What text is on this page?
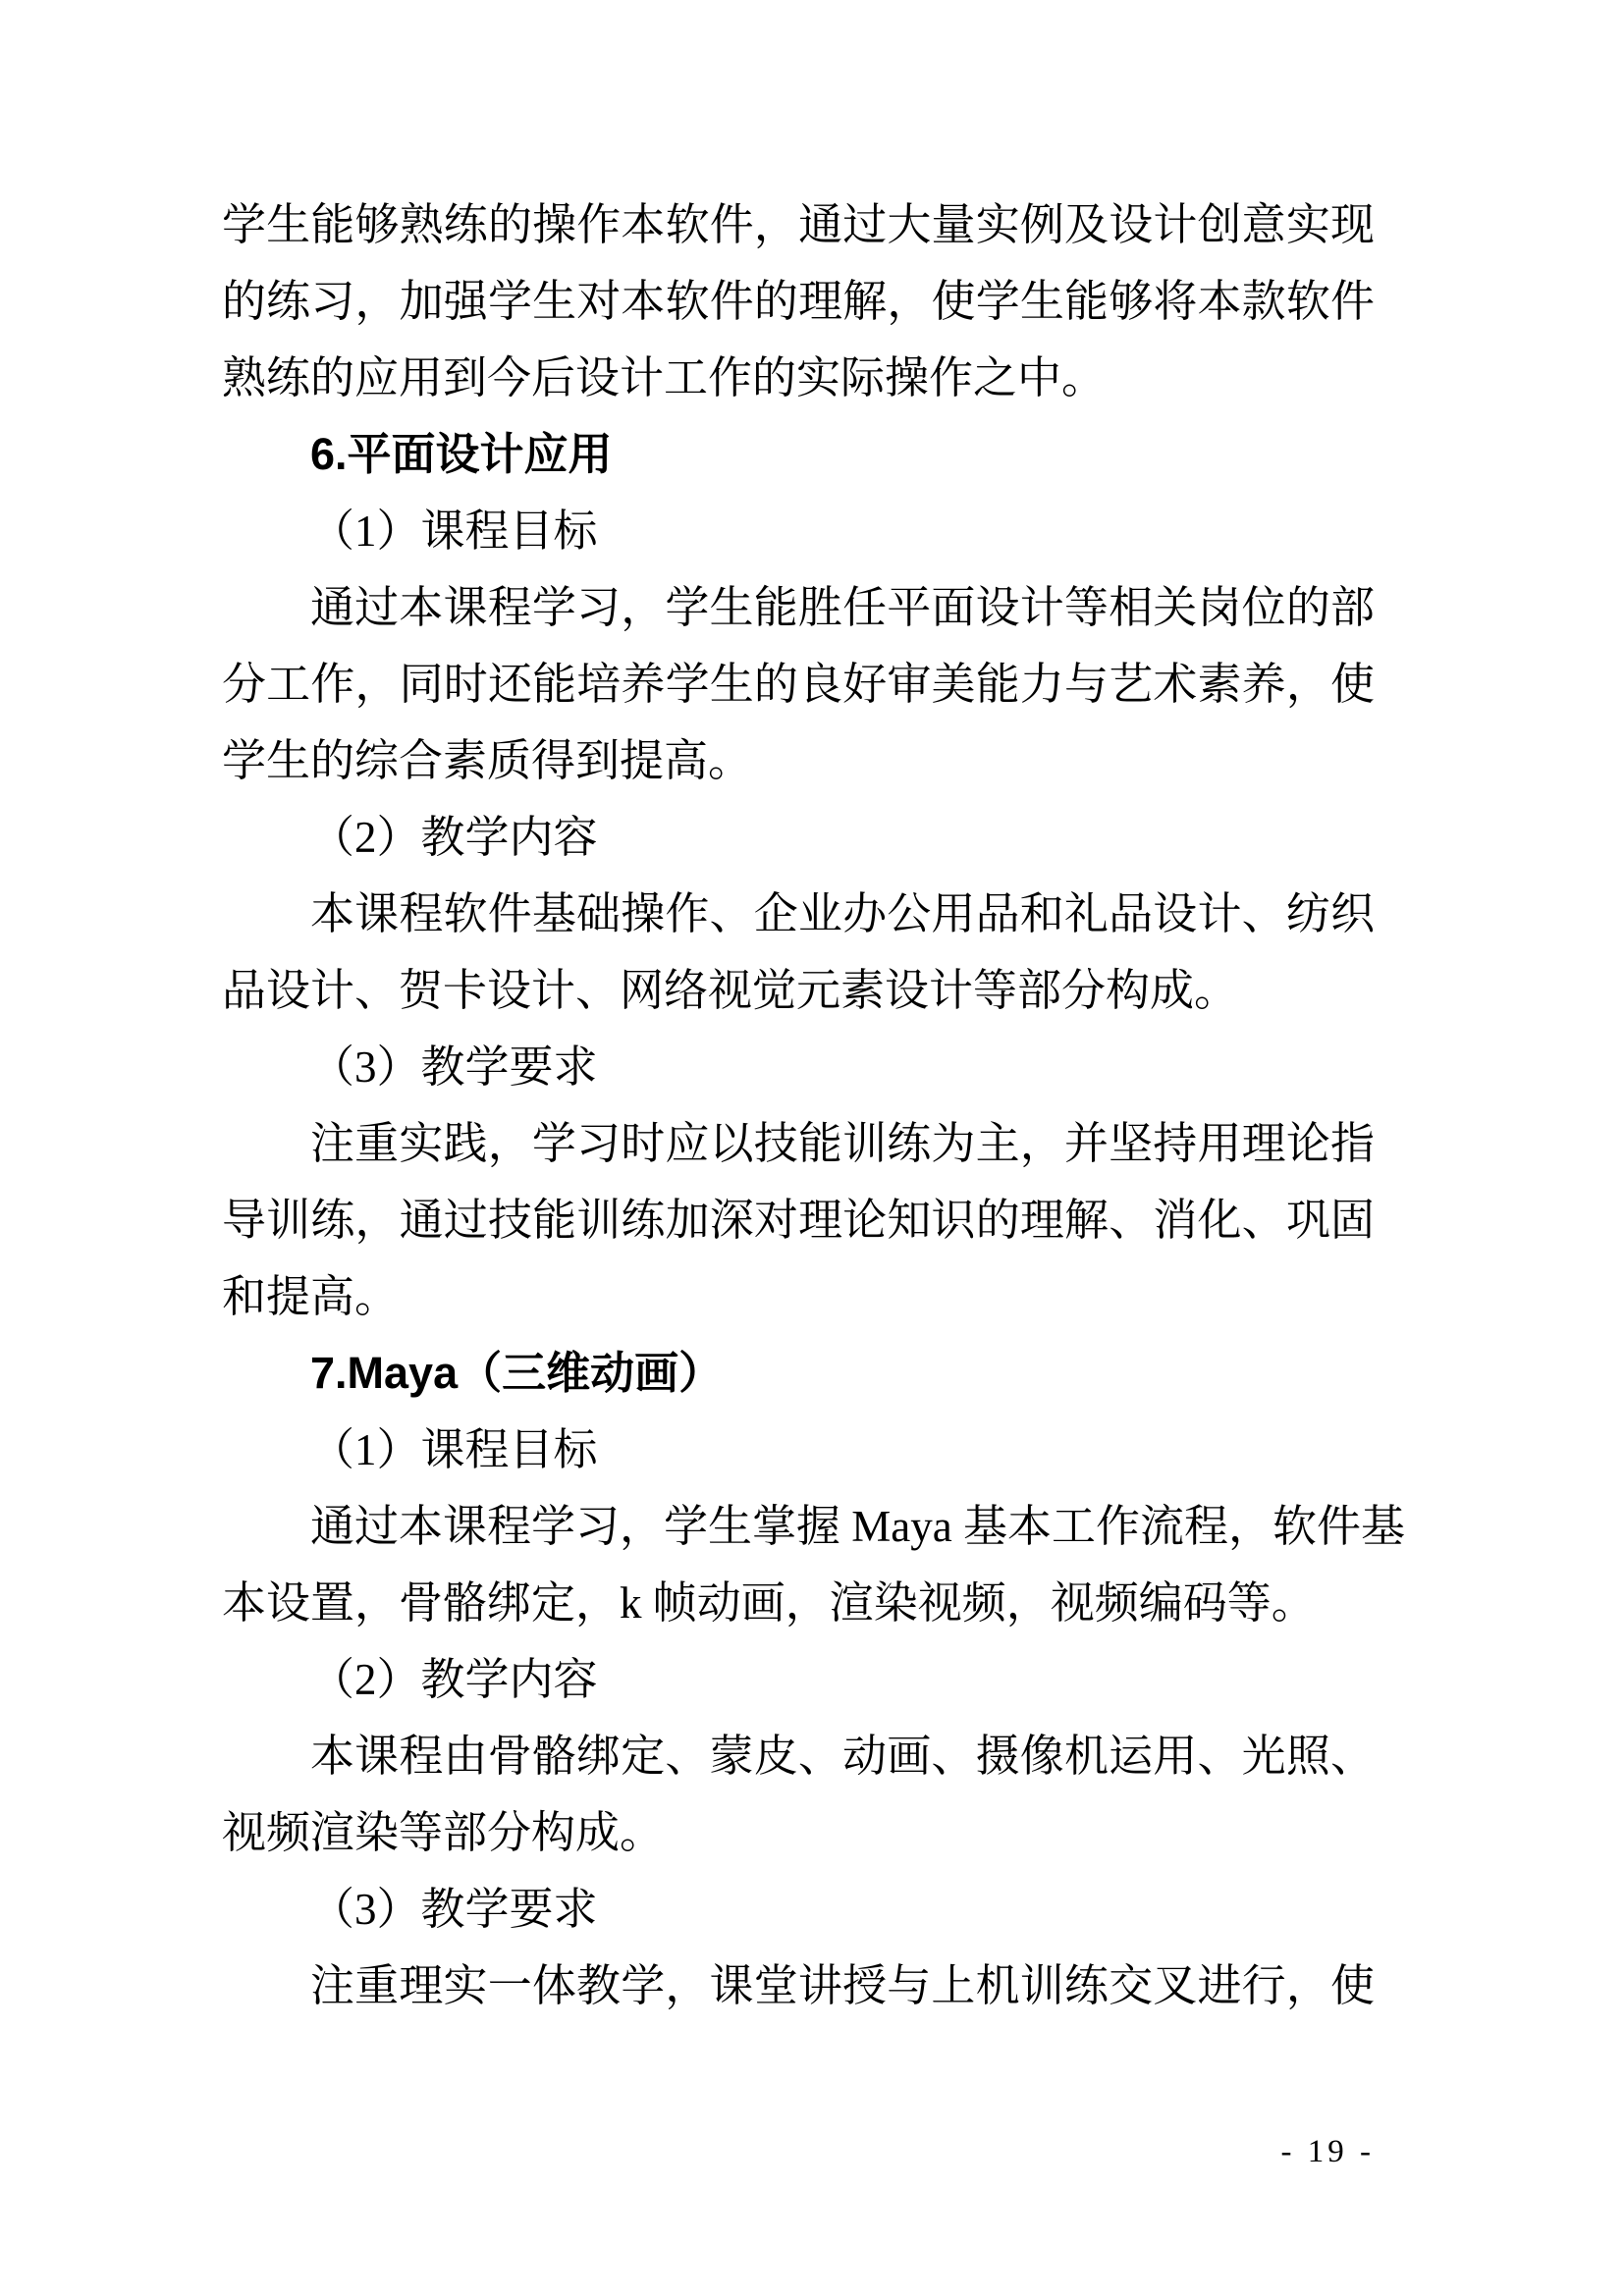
学生能够熟练的操作本软件，通过大量实例及设计创意实现
的练习，加强学生对本软件的理解，使学生能够将本款软件
熟练的应用到今后设计工作的实际操作之中。
6.平面设计应用
（1）课程目标
通过本课程学习，学生能胜任平面设计等相关岗位的部
分工作，同时还能培养学生的良好审美能力与艺术素养，使
学生的综合素质得到提高。
（2）教学内容
本课程软件基础操作、企业办公用品和礼品设计、纺织
品设计、贺卡设计、网络视觉元素设计等部分构成。
（3）教学要求
注重实践，学习时应以技能训练为主，并坚持用理论指
导训练，通过技能训练加深对理论知识的理解、消化、巩固
和提高。
7.Maya（三维动画）
（1）课程目标
通过本课程学习，学生掌握 Maya 基本工作流程，软件基
本设置，骨骼绑定，k 帧动画，渲染视频，视频编码等。
（2）教学内容
本课程由骨骼绑定、蒙皮、动画、摄像机运用、光照、
视频渲染等部分构成。
（3）教学要求
注重理实一体教学，课堂讲授与上机训练交叉进行，使
- 19 -
